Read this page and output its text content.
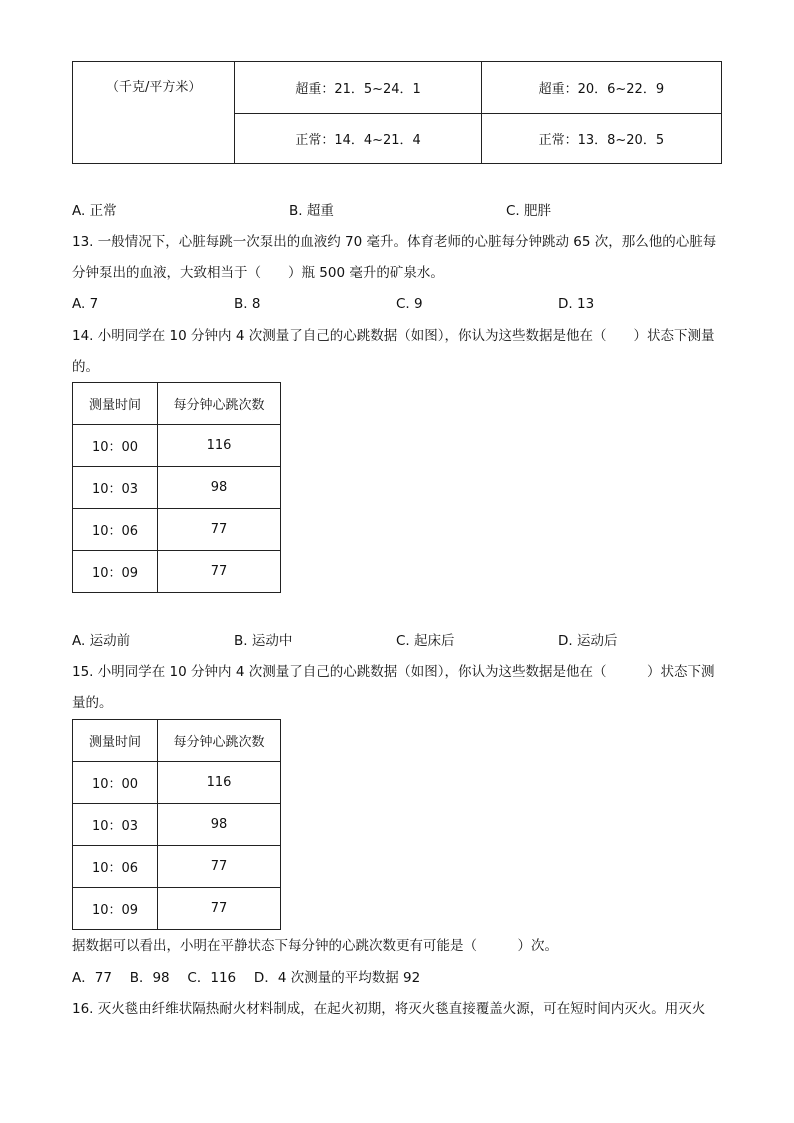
（千克/平方米）	超重：21．5~24．1	超重：20．6~22．9
	正常：14．4~21．4	正常：13．8~20．5
A. 正常	B. 超重	C. 肥胖
13. 一般情况下，心脏每跳一次泵出的血液约 70 毫升。体育老师的心脏每分钟跳动 65 次，那么他的心脏每
分钟泵出的血液，大致相当于（　　）瓶 500 毫升的矿泉水。
A. 7	B. 8	C. 9	D. 13
14. 小明同学在 10 分钟内 4 次测量了自己的心跳数据（如图），你认为这些数据是他在（　　）状态下测量
的。
测量时间	每分钟心跳次数
10：00	116
10：03	98
10：06	77
10：09	77
A. 运动前	B. 运动中	C. 起床后	D. 运动后
15. 小明同学在 10 分钟内 4 次测量了自己的心跳数据（如图），你认为这些数据是他在（　　　）状态下测
量的。
测量时间	每分钟心跳次数
10：00	116
10：03	98
10：06	77
10：09	77
据数据可以看出，小明在平静状态下每分钟的心跳次数更有可能是（　　　）次。
A．77　 B．98　 C．116　 D．4 次测量的平均数据 92
16. 灭火毯由纤维状隔热耐火材料制成，在起火初期，将灭火毯直接覆盖火源，可在短时间内灭火。用灭火
